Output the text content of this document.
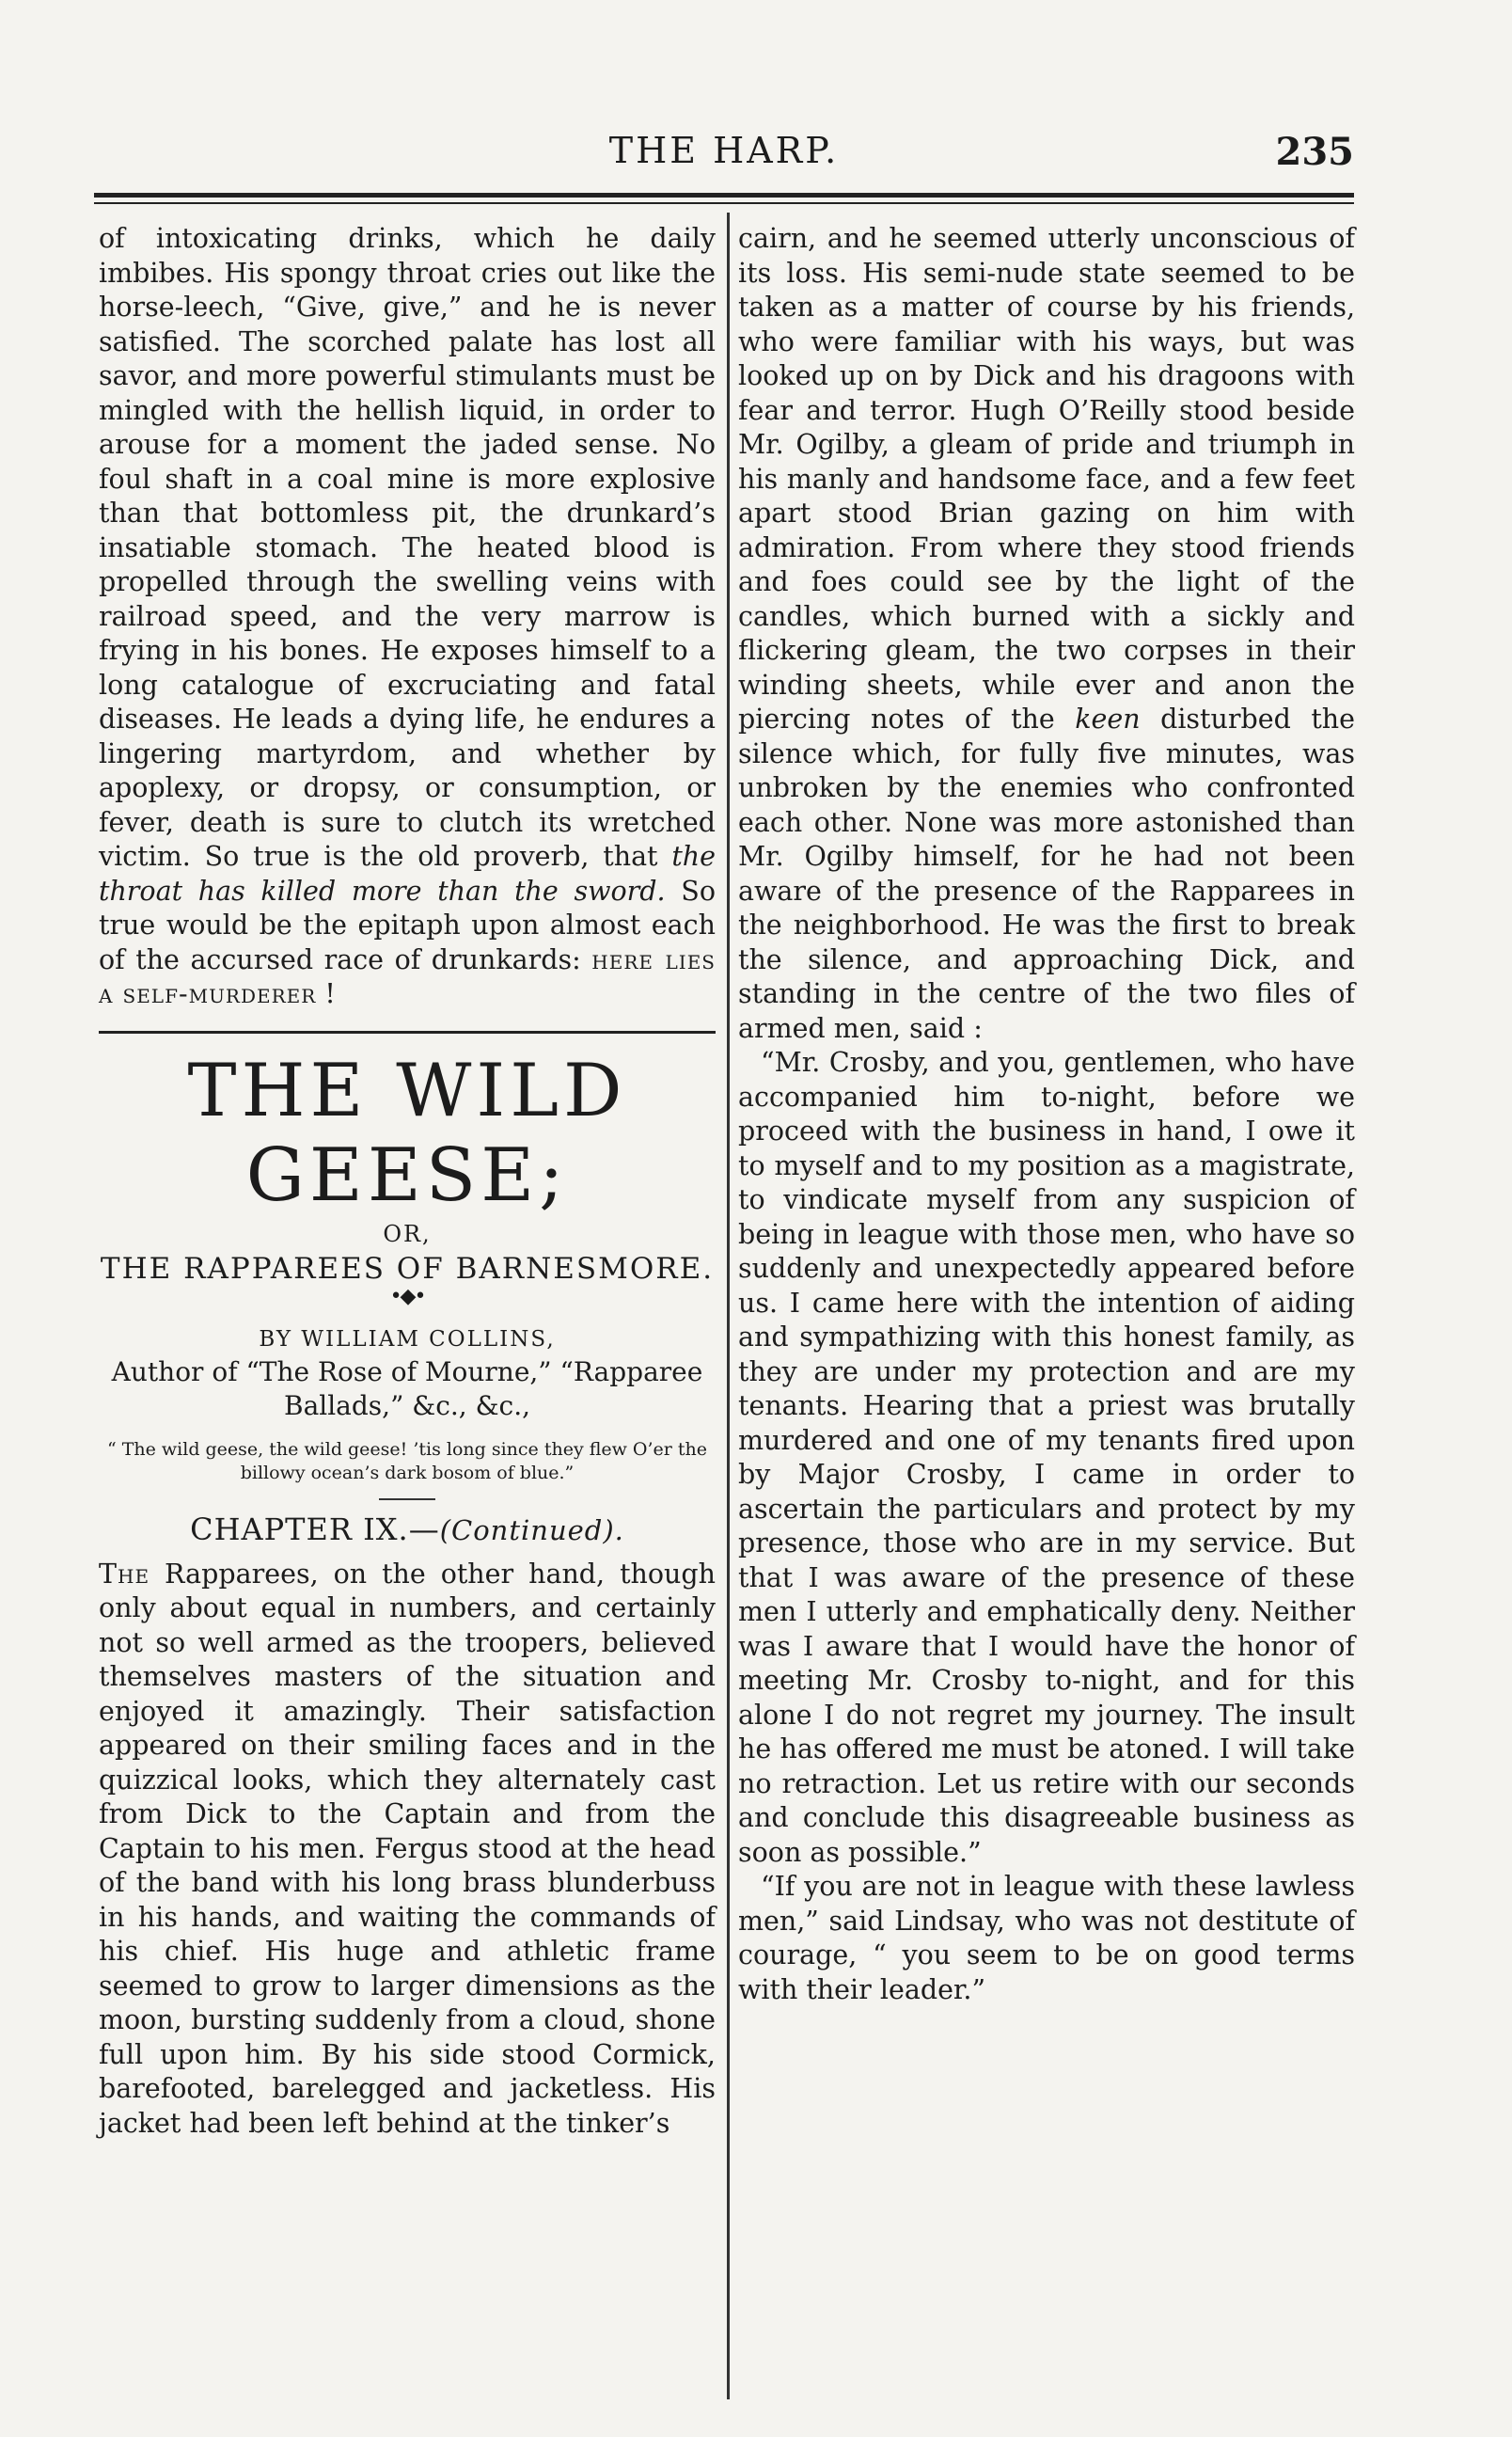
THE HARP.	235

of intoxicating drinks, which he daily imbibes. His spongy throat cries out like the horse-leech, “Give, give,” and he is never satisfied. The scorched palate has lost all savor, and more powerful stimulants must be mingled with the hellish liquid, in order to arouse for a moment the jaded sense. No foul shaft in a coal mine is more explosive than that bottomless pit, the drunkard’s insatiable stomach. The heated blood is propelled through the swelling veins with railroad speed, and the very marrow is frying in his bones. He exposes himself to a long catalogue of excruciating and fatal diseases. He leads a dying life, he endures a lingering martyrdom, and whether by apoplexy, or dropsy, or consumption, or fever, death is sure to clutch its wretched victim. So true is the old proverb, that the throat has killed more than the sword. So true would be the epitaph upon almost each of the accursed race of drunkards: here lies a self-murderer !

THE WILD GEESE;
OR,
THE RAPPAREES OF BARNESMORE.
•◆•
BY WILLIAM COLLINS,
Author of “The Rose of Mourne,” “Rapparee Ballads,” &c., &c.,
“ The wild geese, the wild geese! ’tis long since they flew O’er the billowy ocean’s dark bosom of blue.”
CHAPTER IX.—(Continued).

The Rapparees, on the other hand, though only about equal in numbers, and certainly not so well armed as the troopers, believed themselves masters of the situation and enjoyed it amazingly. Their satisfaction appeared on their smiling faces and in the quizzical looks, which they alternately cast from Dick to the Captain and from the Captain to his men. Fergus stood at the head of the band with his long brass blunderbuss in his hands, and waiting the commands of his chief. His huge and athletic frame seemed to grow to larger dimensions as the moon, bursting suddenly from a cloud, shone full upon him. By his side stood Cormick, barefooted, barelegged and jacketless. His jacket had been left behind at the tinker’s

cairn, and he seemed utterly unconscious of its loss. His semi-nude state seemed to be taken as a matter of course by his friends, who were familiar with his ways, but was looked up on by Dick and his dragoons with fear and terror. Hugh O’Reilly stood beside Mr. Ogilby, a gleam of pride and triumph in his manly and handsome face, and a few feet apart stood Brian gazing on him with admiration. From where they stood friends and foes could see by the light of the candles, which burned with a sickly and flickering gleam, the two corpses in their winding sheets, while ever and anon the piercing notes of the keen disturbed the silence which, for fully five minutes, was unbroken by the enemies who confronted each other. None was more astonished than Mr. Ogilby himself, for he had not been aware of the presence of the Rapparees in the neighborhood. He was the first to break the silence, and approaching Dick, and standing in the centre of the two files of armed men, said :

“Mr. Crosby, and you, gentlemen, who have accompanied him to-night, before we proceed with the business in hand, I owe it to myself and to my position as a magistrate, to vindicate myself from any suspicion of being in league with those men, who have so suddenly and unexpectedly appeared before us. I came here with the intention of aiding and sympathizing with this honest family, as they are under my protection and are my tenants. Hearing that a priest was brutally murdered and one of my tenants fired upon by Major Crosby, I came in order to ascertain the particulars and protect by my presence, those who are in my service. But that I was aware of the presence of these men I utterly and emphatically deny. Neither was I aware that I would have the honor of meeting Mr. Crosby to-night, and for this alone I do not regret my journey. The insult he has offered me must be atoned. I will take no retraction. Let us retire with our seconds and conclude this disagreeable business as soon as possible.”

“If you are not in league with these lawless men,” said Lindsay, who was not destitute of courage, “ you seem to be on good terms with their leader.”
